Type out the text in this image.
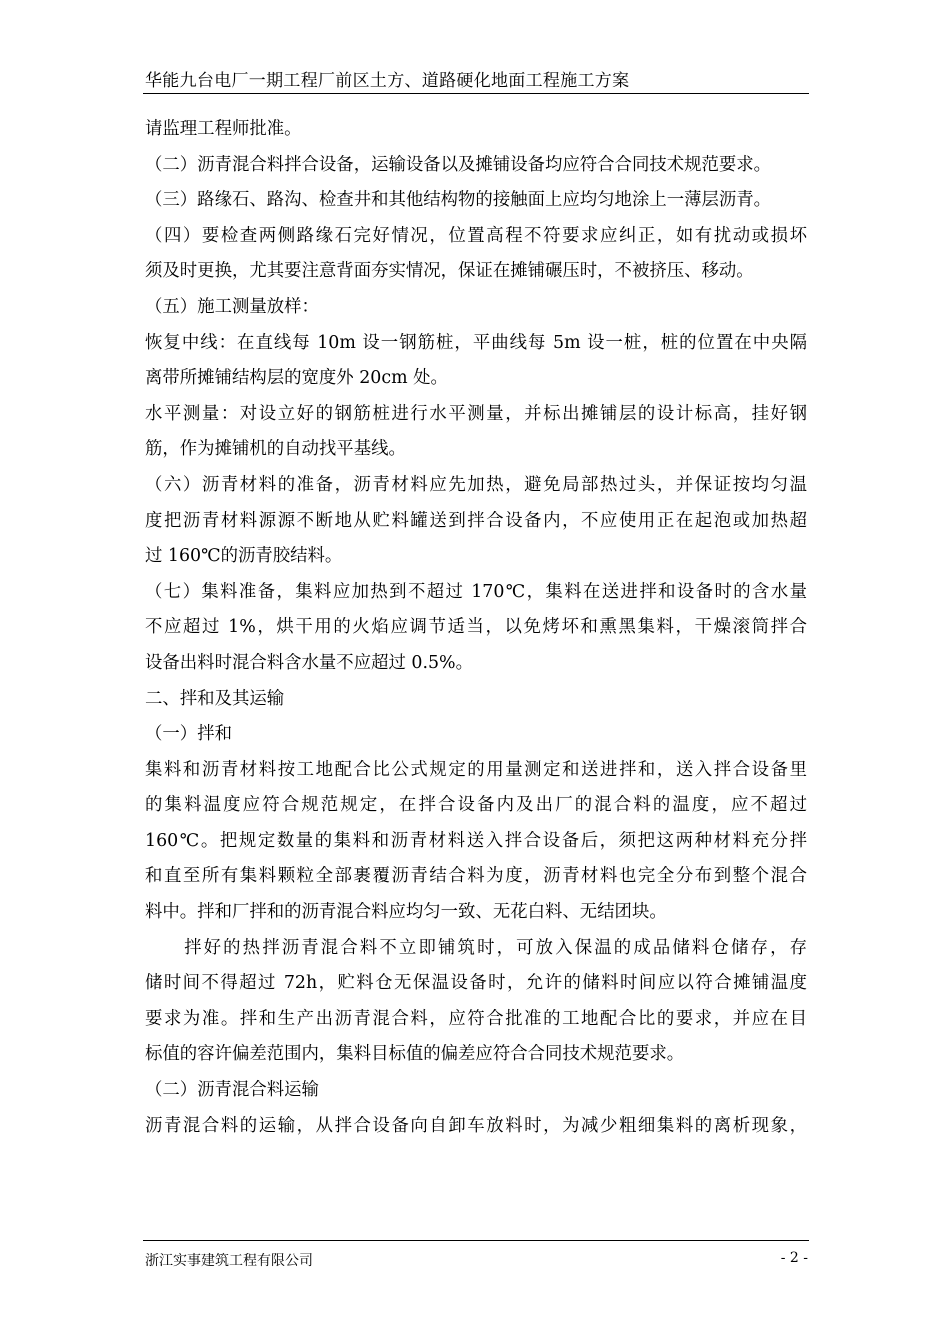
华能九台电厂一期工程厂前区土方、道路硬化地面工程施工方案
请监理工程师批准。
（二）沥青混合料拌合设备，运输设备以及摊铺设备均应符合合同技术规范要求。
（三）路缘石、路沟、检查井和其他结构物的接触面上应均匀地涂上一薄层沥青。
（四）要检查两侧路缘石完好情况，位置高程不符要求应纠正，如有扰动或损坏
须及时更换，尤其要注意背面夯实情况，保证在摊铺碾压时，不被挤压、移动。
（五）施工测量放样：
恢复中线：在直线每 10m 设一钢筋桩，平曲线每 5m 设一桩，桩的位置在中央隔
离带所摊铺结构层的宽度外 20cm 处。
水平测量：对设立好的钢筋桩进行水平测量，并标出摊铺层的设计标高，挂好钢
筋，作为摊铺机的自动找平基线。
（六）沥青材料的准备，沥青材料应先加热，避免局部热过头，并保证按均匀温
度把沥青材料源源不断地从贮料罐送到拌合设备内，不应使用正在起泡或加热超
过 160℃的沥青胶结料。
（七）集料准备，集料应加热到不超过 170℃，集料在送进拌和设备时的含水量
不应超过 1%，烘干用的火焰应调节适当，以免烤坏和熏黑集料，干燥滚筒拌合
设备出料时混合料含水量不应超过 0.5%。
二、拌和及其运输
（一）拌和
集料和沥青材料按工地配合比公式规定的用量测定和送进拌和，送入拌合设备里
的集料温度应符合规范规定，在拌合设备内及出厂的混合料的温度，应不超过
160℃。把规定数量的集料和沥青材料送入拌合设备后，须把这两种材料充分拌
和直至所有集料颗粒全部裹覆沥青结合料为度，沥青材料也完全分布到整个混合
料中。拌和厂拌和的沥青混合料应均匀一致、无花白料、无结团块。
　　拌好的热拌沥青混合料不立即铺筑时，可放入保温的成品储料仓储存，存
储时间不得超过 72h，贮料仓无保温设备时，允许的储料时间应以符合摊铺温度
要求为准。拌和生产出沥青混合料，应符合批准的工地配合比的要求，并应在目
标值的容许偏差范围内，集料目标值的偏差应符合合同技术规范要求。
（二）沥青混合料运输
沥青混合料的运输，从拌合设备向自卸车放料时，为减少粗细集料的离析现象，
浙江实事建筑工程有限公司	- 2 -
